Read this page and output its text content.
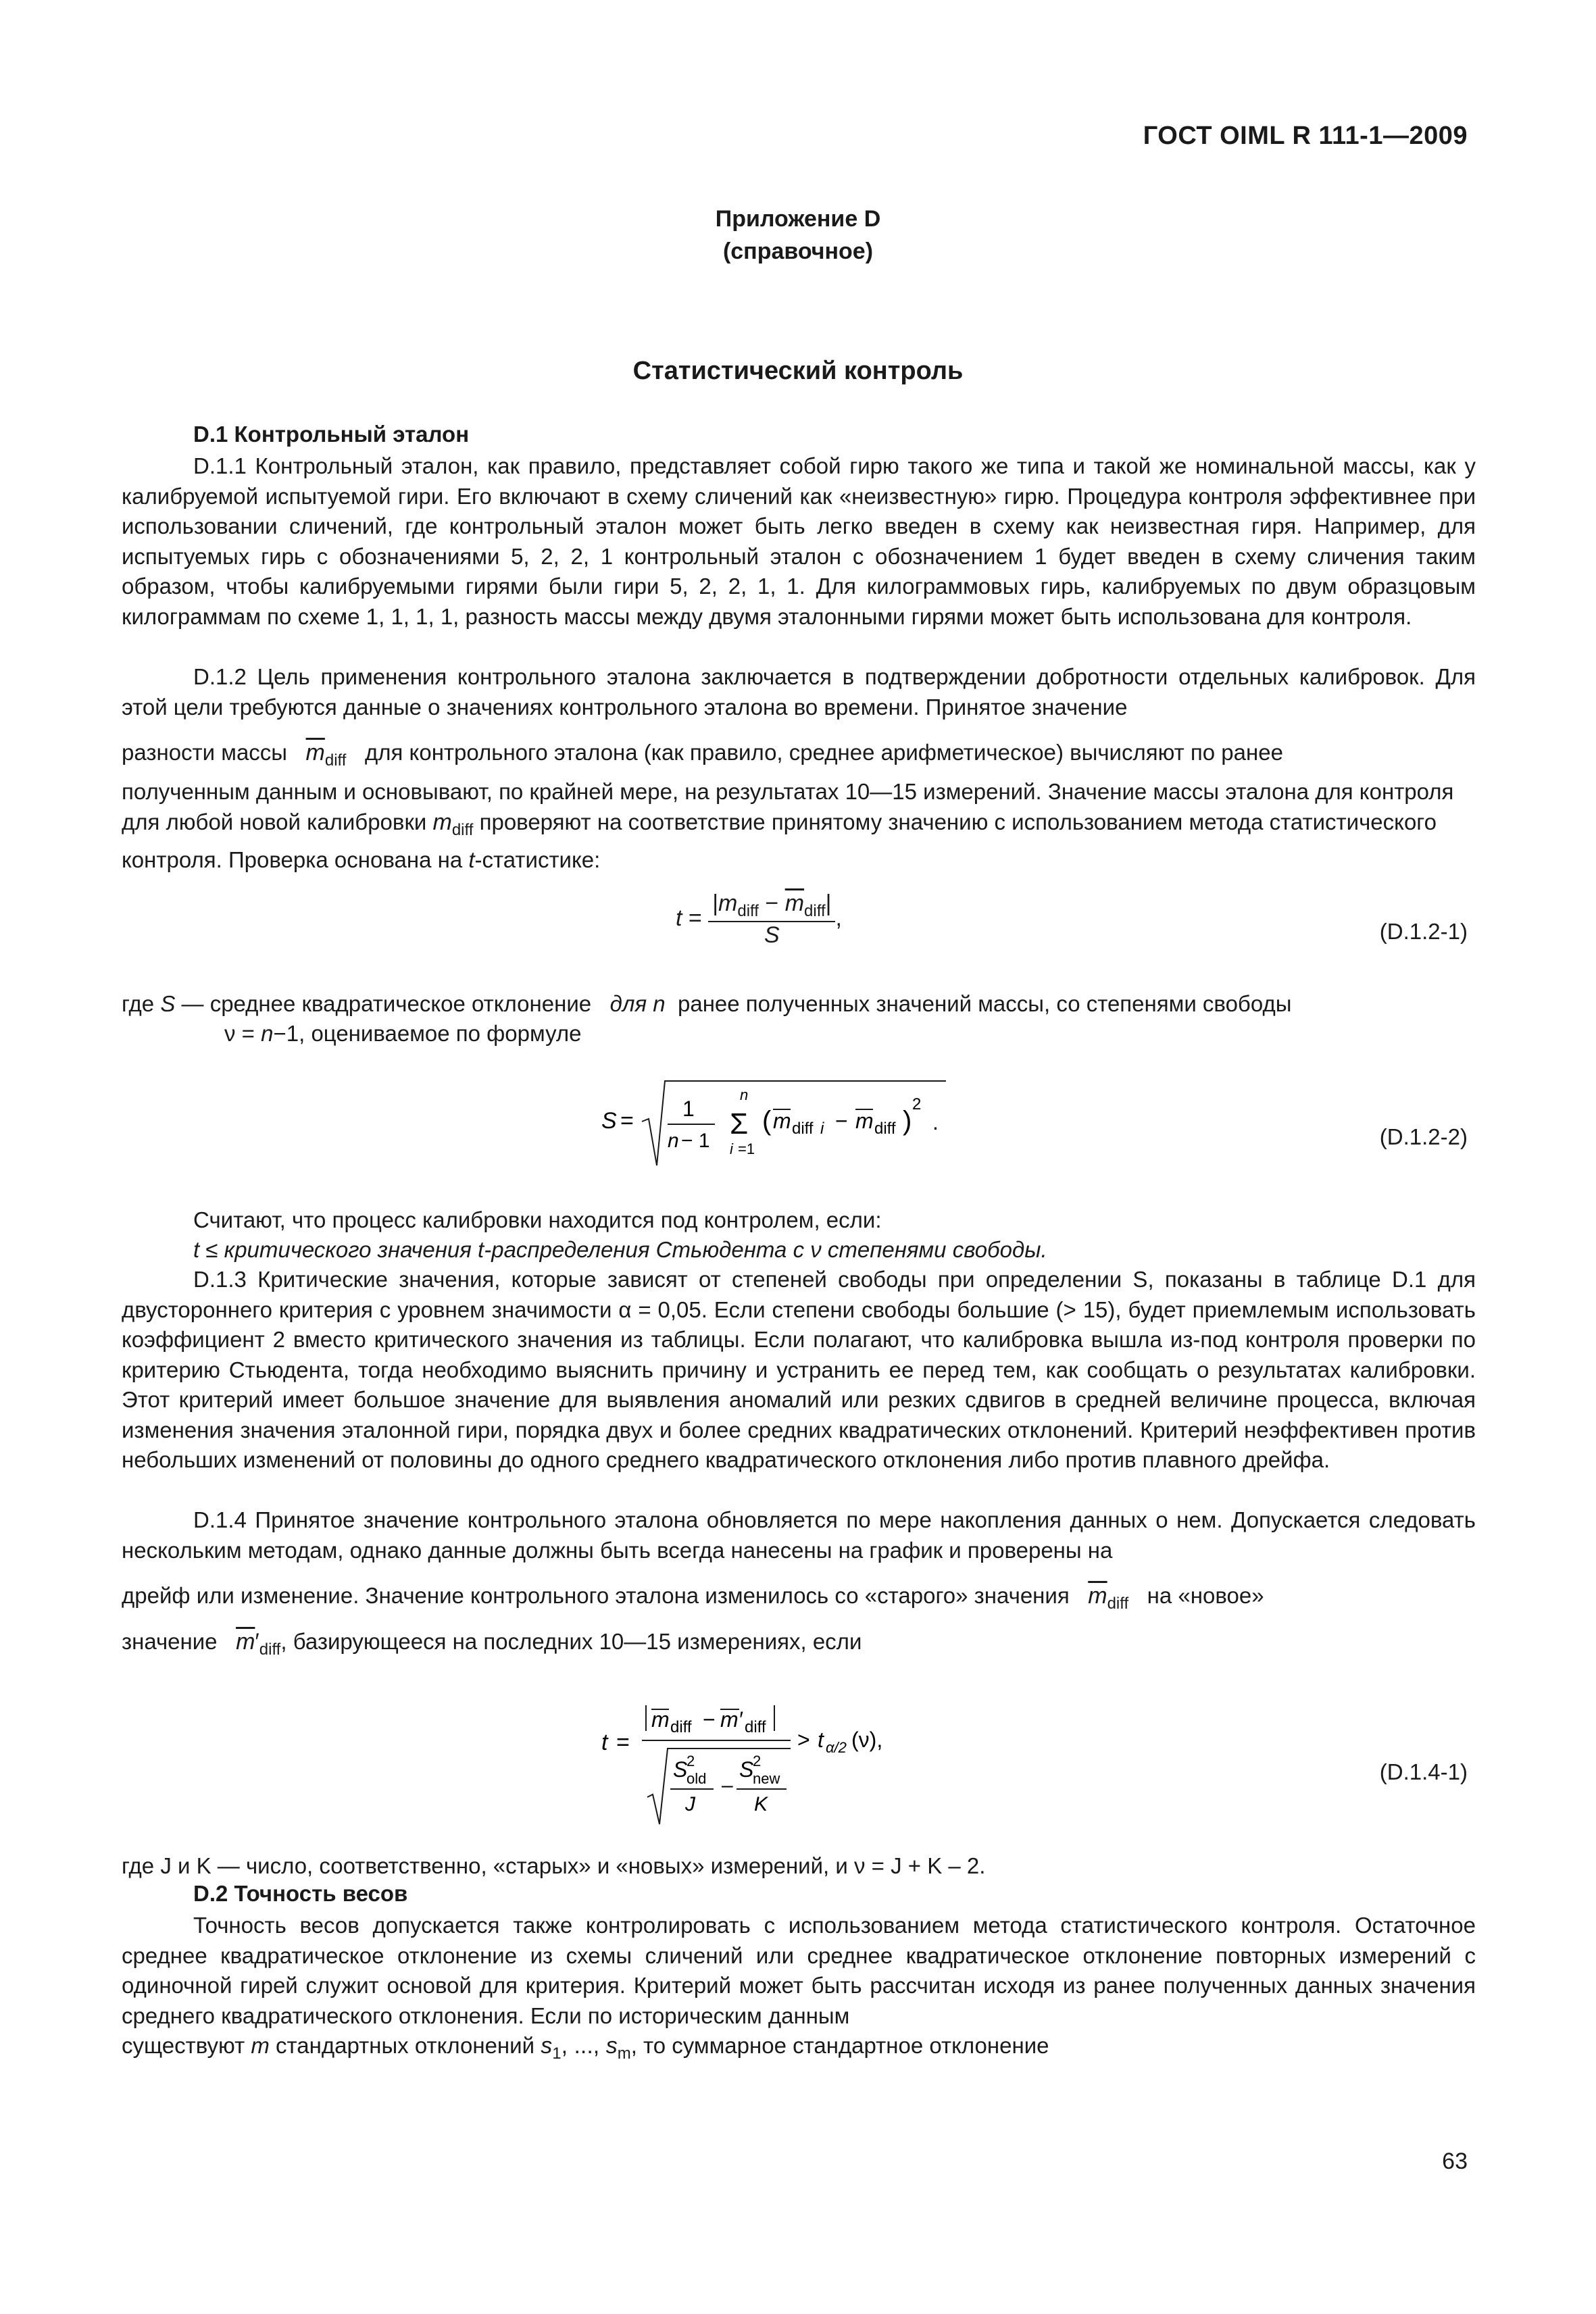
ГОСТ OIML R 111-1—2009
Приложение D
(справочное)
Статистический контроль
D.1 Контрольный эталон

D.1.1 Контрольный эталон, как правило, представляет собой гирю такого же типа и такой же номинальной массы, как у калибруемой испытуемой гири. Его включают в схему сличений как «неизвестную» гирю. Процедура контроля эффективнее при использовании сличений, где контрольный эталон может быть легко введен в схему как неизвестная гиря. Например, для испытуемых гирь с обозначениями 5, 2, 2, 1 контрольный эталон с обозначением 1 будет введен в схему сличения таким образом, чтобы калибруемыми гирями были гири 5, 2, 2, 1, 1. Для килограммовых гирь, калибруемых по двум образцовым килограммам по схеме 1, 1, 1, 1, разность массы между двумя эталонными гирями может быть использована для контроля.

D.1.2 Цель применения контрольного эталона заключается в подтверждении добротности отдельных калибровок. Для этой цели требуются данные о значениях контрольного эталона во времени. Принятое значение

разности массы $\overline{m}_{diff}$ для контрольного эталона (как правило, среднее арифметическое) вычисляют по ранее
полученным данным и основывают, по крайней мере, на результатах 10—15 измерений. Значение массы эталона для контроля для любой новой калибровки $m_{diff}$ проверяют на соответствие принятому значению с использованием метода статистического контроля. Проверка основана на t-статистике:
$t = \frac{|m_{diff} - \overline{m}_{diff}|}{S}$ ,
(D.1.2-1)
где S — среднее квадратическое отклонение для n ранее полученных значений массы, со степенями свободы
ν = n−1, оцениваемое по формуле
S = 1
n − 1
n
Σ
i =1
( m diff i − m diff )
2
.
(D.1.2-2)
Считают, что процесс калибровки находится под контролем, если:
t ≤ критического значения t-распределения Стьюдента с ν степенями свободы.

D.1.3 Критические значения, которые зависят от степеней свободы при определении S, показаны в таблице D.1 для двустороннего критерия с уровнем значимости α = 0,05. Если степени свободы большие (> 15), будет приемлемым использовать коэффициент 2 вместо критического значения из таблицы. Если полагают, что калибровка вышла из-под контроля проверки по критерию Стьюдента, тогда необходимо выяснить причину и устранить ее перед тем, как сообщать о результатах калибровки. Этот критерий имеет большое значение для выявления аномалий или резких сдвигов в средней величине процесса, включая изменения значения эталонной гири, порядка двух и более средних квадратических отклонений. Критерий неэффективен против небольших изменений от половины до одного среднего квадратического отклонения либо против плавного дрейфа.

D.1.4 Принятое значение контрольного эталона обновляется по мере накопления данных о нем. Допускается следовать нескольким методам, однако данные должны быть всегда нанесены на график и проверены на

дрейф или изменение. Значение контрольного эталона изменилось со «старого» значения $\overline{m}_{diff}$ на «новое»
значение $\overline{m}'_{diff}$, базирующееся на последних 10—15 измерениях, если
t =
m diff − m′ diff
S
2
old
J
–
S
2
new
K
> t α/2 (ν),
(D.1.4-1)
где J и K — число, соответственно, «старых» и «новых» измерений, и ν = J + K – 2.
D.2 Точность весов

Точность весов допускается также контролировать с использованием метода статистического контроля. Остаточное среднее квадратическое отклонение из схемы сличений или среднее квадратическое отклонение повторных измерений с одиночной гирей служит основой для критерия. Критерий может быть рассчитан исходя из ранее полученных данных значения среднего квадратического отклонения. Если по историческим данным

существуют m стандартных отклонений $s_1$, ..., $s_m$, то суммарное стандартное отклонение
63
